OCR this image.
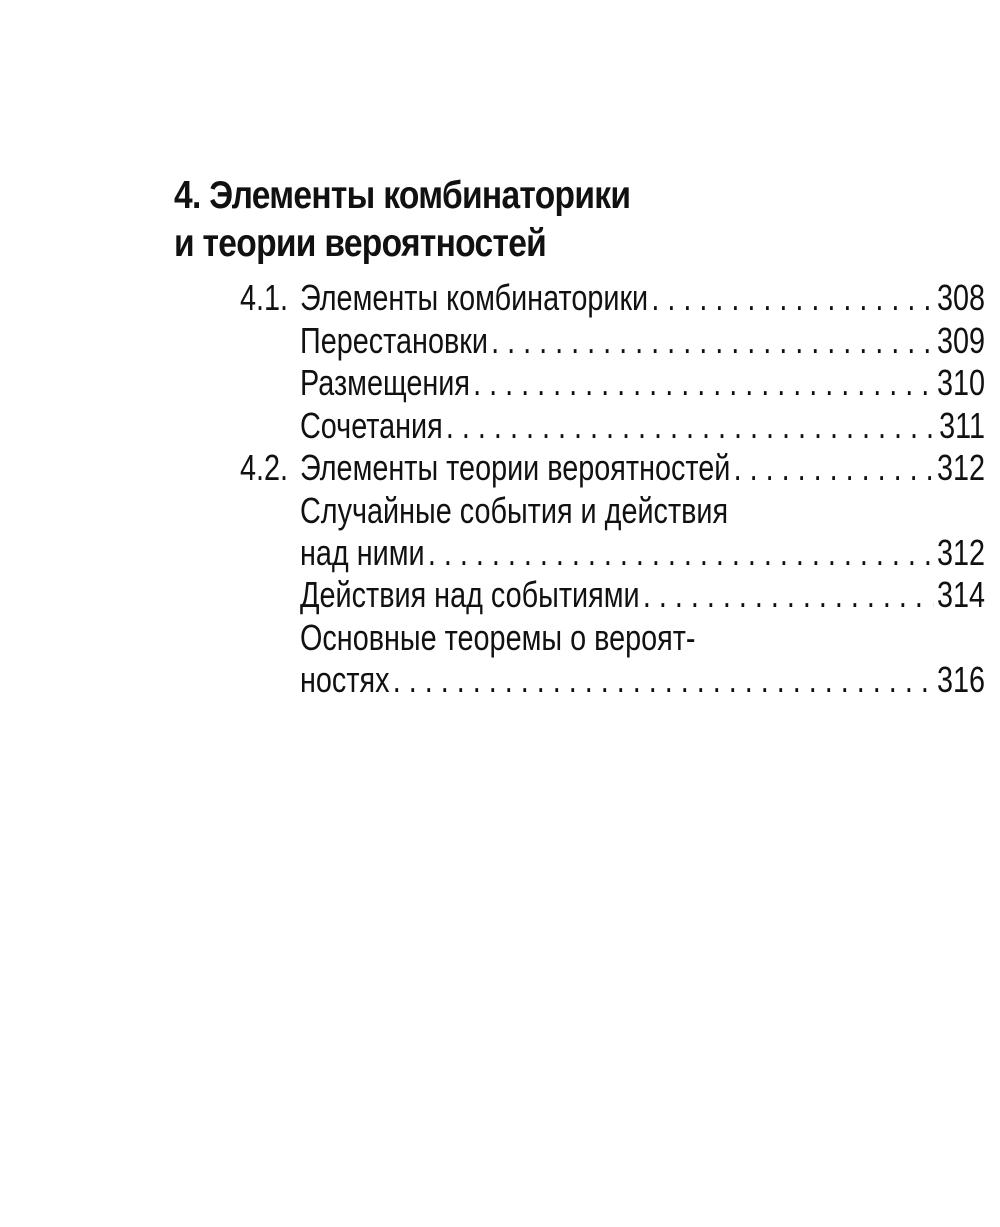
4. Элементы комбинаторики
и теории вероятностей
4.1. Элементы комбинаторики . . .	308
Перестановки . . .	309
Размещения . . .	310
Сочетания . . .	311
4.2. Элементы теории вероятностей . . .	312
Случайные события и действия
над ними . . .	312
Действия над событиями . . .	314
Основные теоремы о вероят-
ностях . . .	316
